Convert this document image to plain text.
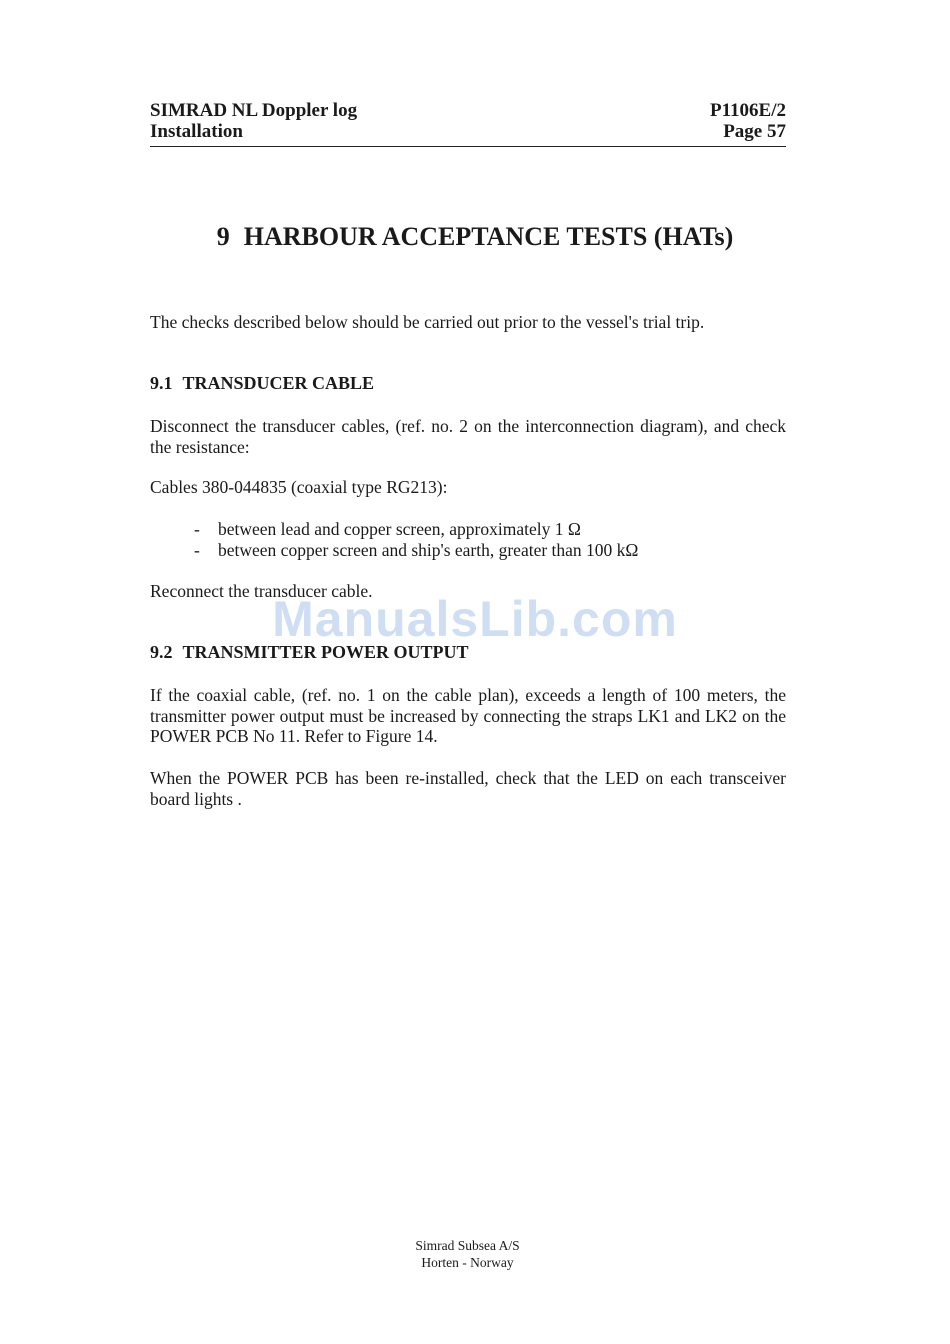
SIMRAD NL Doppler log
Installation
P1106E/2
Page 57
9 HARBOUR ACCEPTANCE TESTS (HATs)
The checks described below should be carried out prior to the vessel's trial trip.
9.1 TRANSDUCER CABLE
Disconnect the transducer cables, (ref. no. 2 on the interconnection diagram), and check the resistance:
Cables 380-044835 (coaxial type RG213):
-	between lead and copper screen, approximately 1 Ω
-	between copper screen and ship's earth, greater than 100 kΩ
Reconnect the transducer cable.
ManualsLib.com
9.2 TRANSMITTER POWER OUTPUT
If the coaxial cable, (ref. no. 1 on the cable plan), exceeds a length of 100 meters, the transmitter power output must be increased by connecting the straps LK1 and LK2 on the POWER PCB No 11. Refer to Figure 14.
When the POWER PCB has been re-installed, check that the LED on each transceiver board lights .
Simrad Subsea A/S
Horten - Norway
